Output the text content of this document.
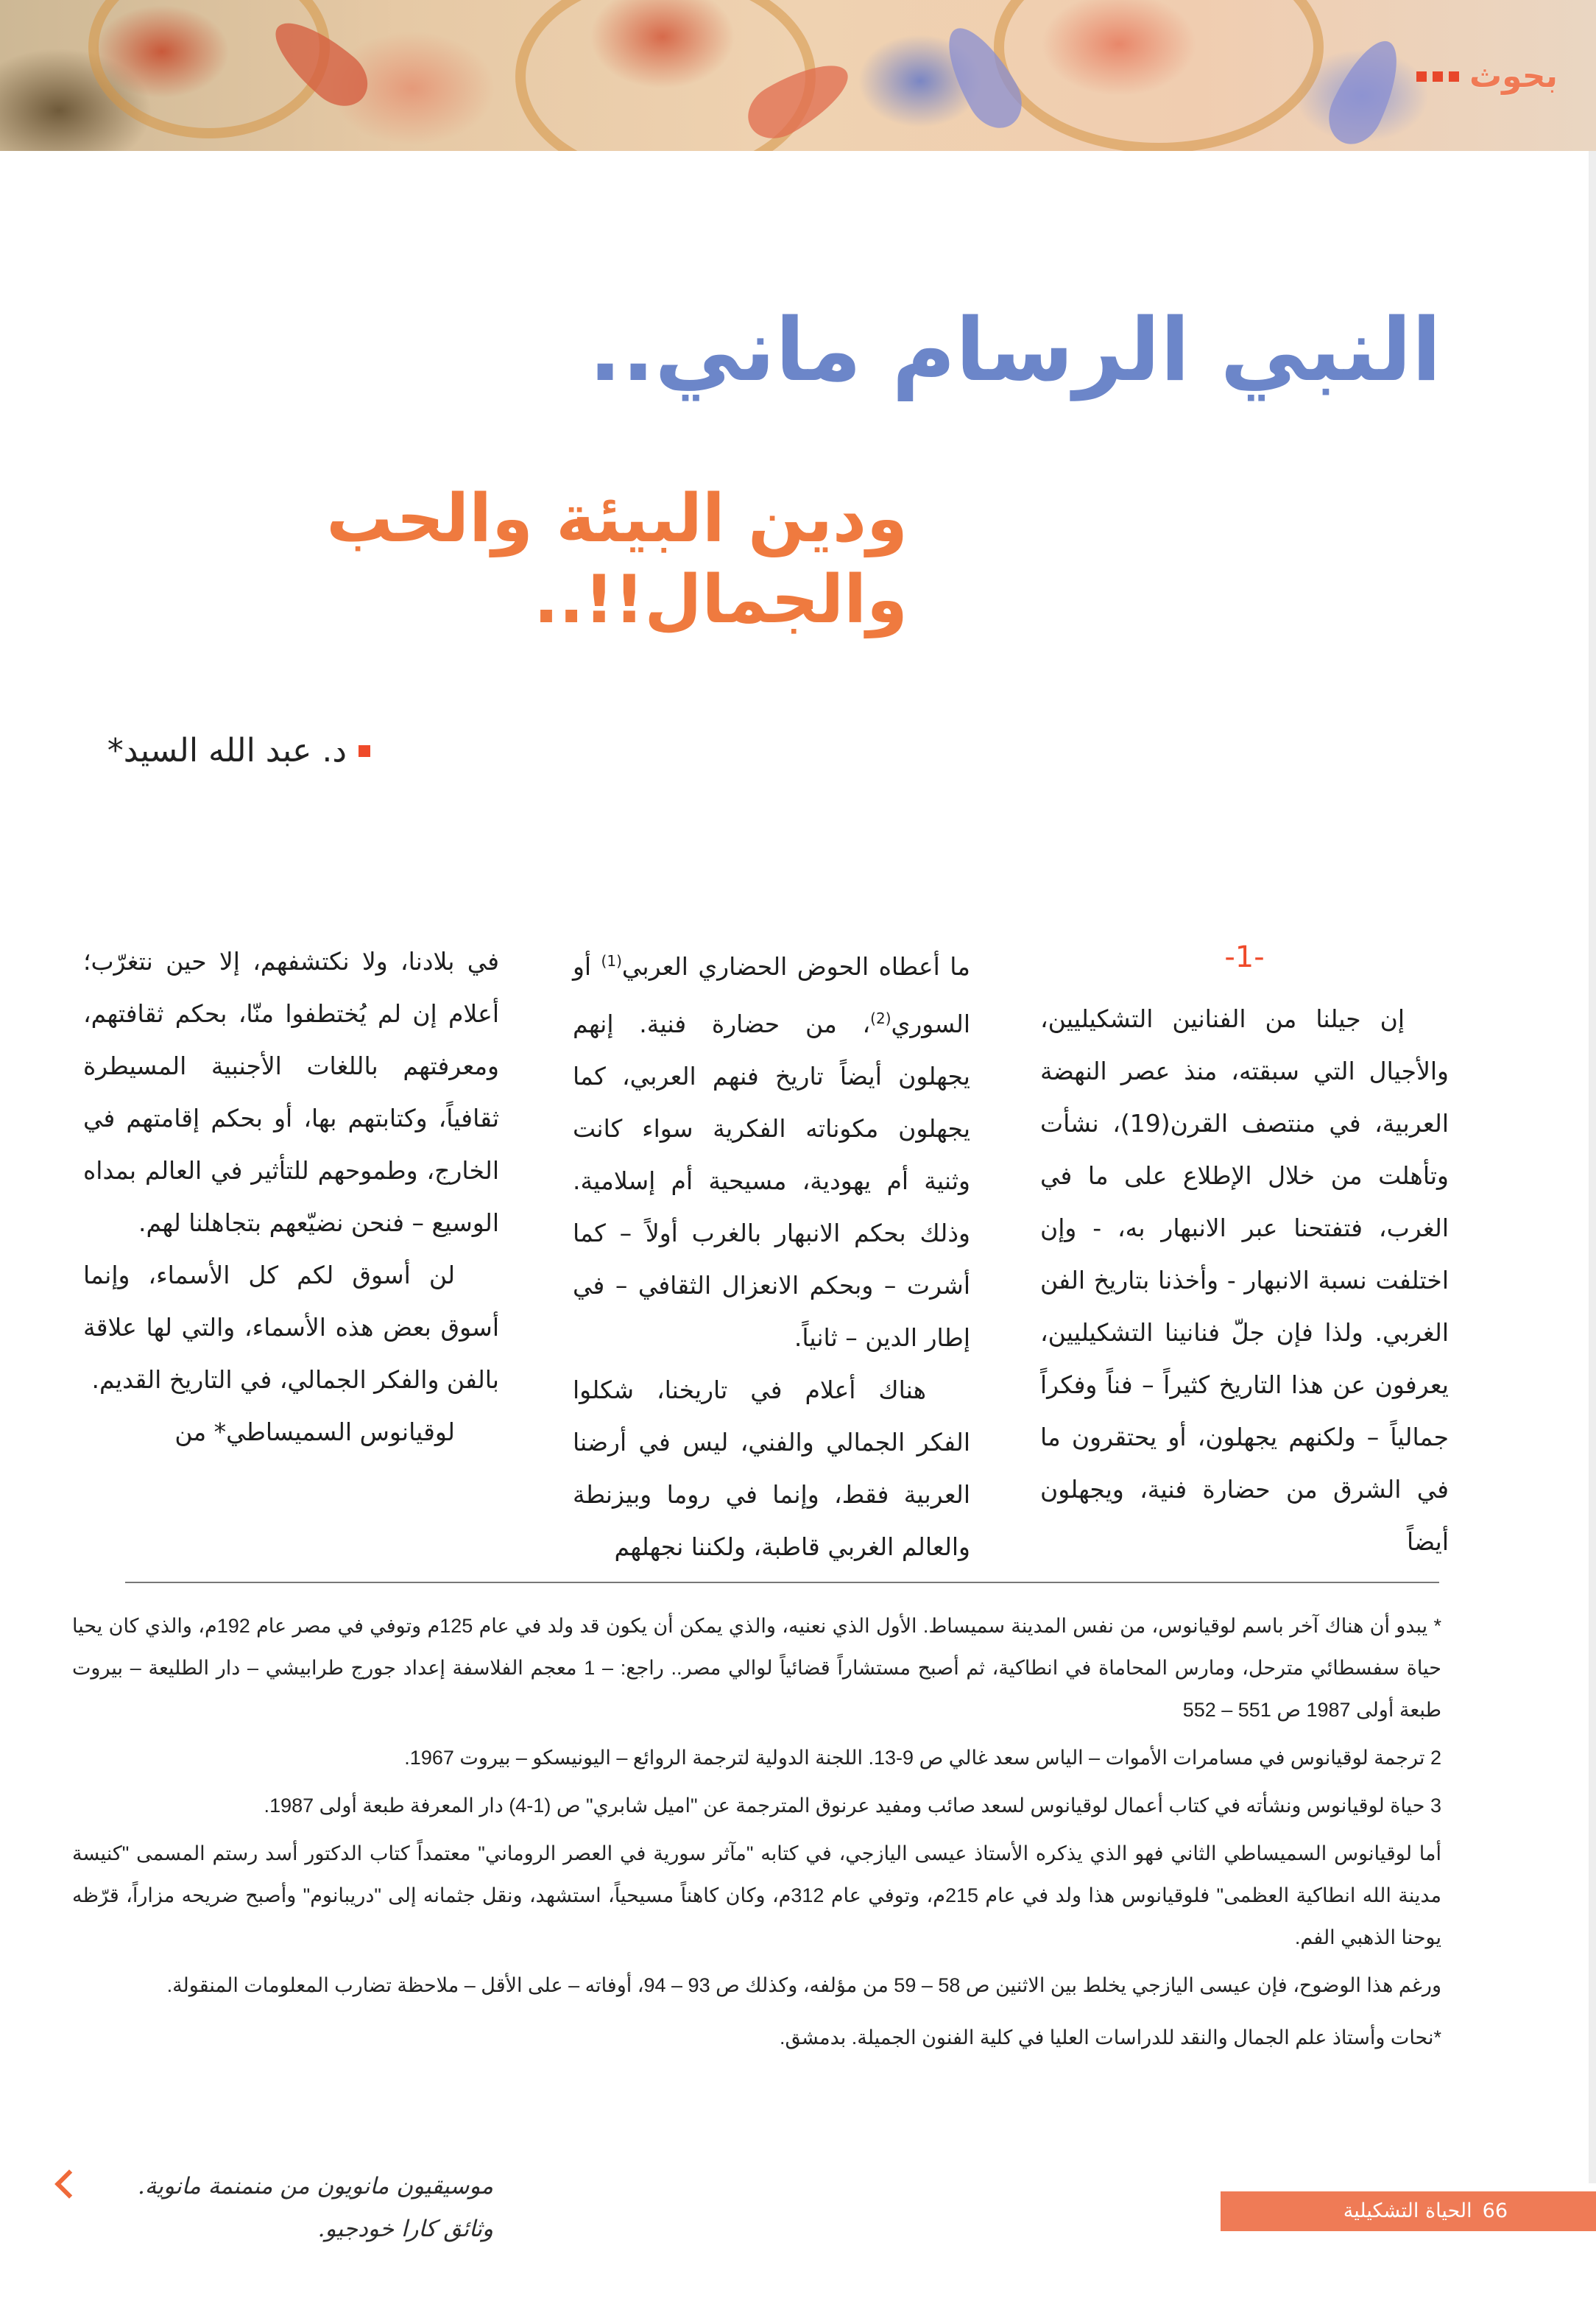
بحوث
النبي الرسام ماني..
ودين البيئة والحب والجمال!!..
د. عبد الله السيد*

-1-

إن جيلنا من الفنانين التشكيليين، والأجيال التي سبقته، منذ عصر النهضة العربية، في منتصف القرن(19)، نشأت وتأهلت من خلال الإطلاع على ما في الغرب، فتفتحنا عبر الانبهار به، - وإن اختلفت نسبة الانبهار - وأخذنا بتاريخ الفن الغربي. ولذا فإن جلّ فنانينا التشكيليين، يعرفون عن هذا التاريخ كثيراً – فناً وفكراً جمالياً – ولكنهم يجهلون، أو يحتقرون ما في الشرق من حضارة فنية، ويجهلون أيضاً

ما أعطاه الحوض الحضاري العربي$^{(1)}$ أو السوري$^{(2)}$، من حضارة فنية. إنهم يجهلون أيضاً تاريخ فنهم العربي، كما يجهلون مكوناته الفكرية سواء كانت وثنية أم يهودية، مسيحية أم إسلامية. وذلك بحكم الانبهار بالغرب أولاً – كما أشرت – وبحكم الانعزال الثقافي – في إطار الدين – ثانياً.

هناك أعلام في تاريخنا، شكلوا الفكر الجمالي والفني، ليس في أرضنا العربية فقط، وإنما في روما وبيزنطة والعالم الغربي قاطبة، ولكننا نجهلهم

في بلادنا، ولا نكتشفهم، إلا حين نتغرّب؛ أعلام إن لم يُختطفوا منّا، بحكم ثقافتهم، ومعرفتهم باللغات الأجنبية المسيطرة ثقافياً، وكتابتهم بها، أو بحكم إقامتهم في الخارج، وطموحهم للتأثير في العالم بمداه الوسيع – فنحن نضيّعهم بتجاهلنا لهم.

لن أسوق لكم كل الأسماء، وإنما أسوق بعض هذه الأسماء، والتي لها علاقة بالفن والفكر الجمالي، في التاريخ القديم.

لوقيانوس السميساطي* من

* يبدو أن هناك آخر باسم لوقيانوس، من نفس المدينة سميساط. الأول الذي نعنيه، والذي يمكن أن يكون قد ولد في عام 125م وتوفي في مصر عام 192م، والذي كان يحيا حياة سفسطائي مترحل، ومارس المحاماة في انطاكية، ثم أصبح مستشاراً قضائياً لوالي مصر.. راجع: – 1 معجم الفلاسفة إعداد جورج طرابيشي – دار الطليعة – بيروت طبعة أولى 1987 ص 551 – 552

2 ترجمة لوقيانوس في مسامرات الأموات – الياس سعد غالي ص 9-13. اللجنة الدولية لترجمة الروائع – اليونيسكو – بيروت 1967.

3 حياة لوقيانوس ونشأته في كتاب أعمال لوقيانوس لسعد صائب ومفيد عرنوق المترجمة عن "اميل شابري" ص (1-4) دار المعرفة طبعة أولى 1987.

أما لوقيانوس السميساطي الثاني فهو الذي يذكره الأستاذ عيسى اليازجي، في كتابه "مآثر سورية في العصر الروماني" معتمداً كتاب الدكتور أسد رستم المسمى "كنيسة مدينة الله انطاكية العظمى" فلوقيانوس هذا ولد في عام 215م، وتوفي عام 312م، وكان كاهناً مسيحياً، استشهد، ونقل جثمانه إلى "دريبانوم" وأصبح ضريحه مزاراً، قرّظه يوحنا الذهبي الفم.

ورغم هذا الوضوح، فإن عيسى اليازجي يخلط بين الاثنين ص 58 – 59 من مؤلفه، وكذلك ص 93 – 94، أوفاته – على الأقل – ملاحظة تضارب المعلومات المنقولة.

*نحات وأستاذ علم الجمال والنقد للدراسات العليا في كلية الفنون الجميلة. بدمشق.

موسيقيون مانويون من منمنمة مانوية.
وثائق كارا خودجيو.
66
الحياة التشكيلية
